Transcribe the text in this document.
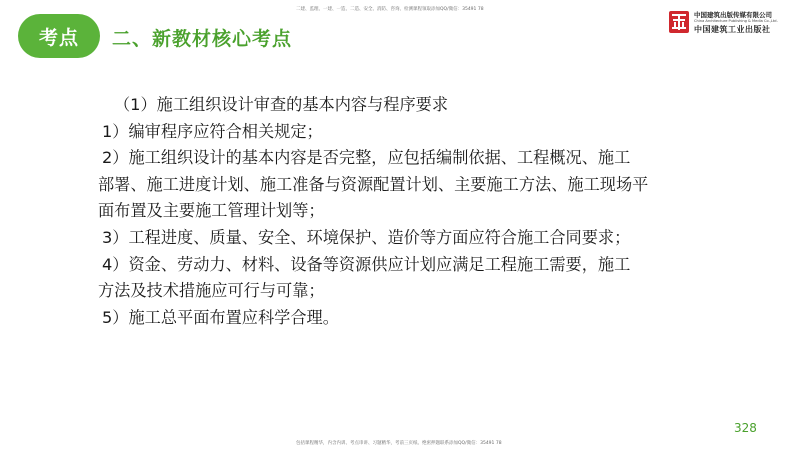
考点	二、新教材核心考点
二建、监理、一建、一造、二造、安全、消防、咨询、检测课程领取添加QQ/微信：35491 78
中国建筑出版传媒有限公司
China Architecture Publishing & Media Co.,Ltd.
中国建筑工业出版社
（1）施工组织设计审查的基本内容与程序要求
1）编审程序应符合相关规定；
2）施工组织设计的基本内容是否完整，应包括编制依据、工程概况、施工
部署、施工进度计划、施工准备与资源配置计划、主要施工方法、施工现场平
面布置及主要施工管理计划等；
3）工程进度、质量、安全、环境保护、造价等方面应符合施工合同要求；
4）资金、劳动力、材料、设备等资源供应计划应满足工程施工需要，施工
方法及技术措施应可行与可靠；
5）施工总平面布置应科学合理。
328
包括课程精华，内含内训、考点串讲、习题精华，考前三页纸、绝密押题联系添加QQ/微信：35491 78
